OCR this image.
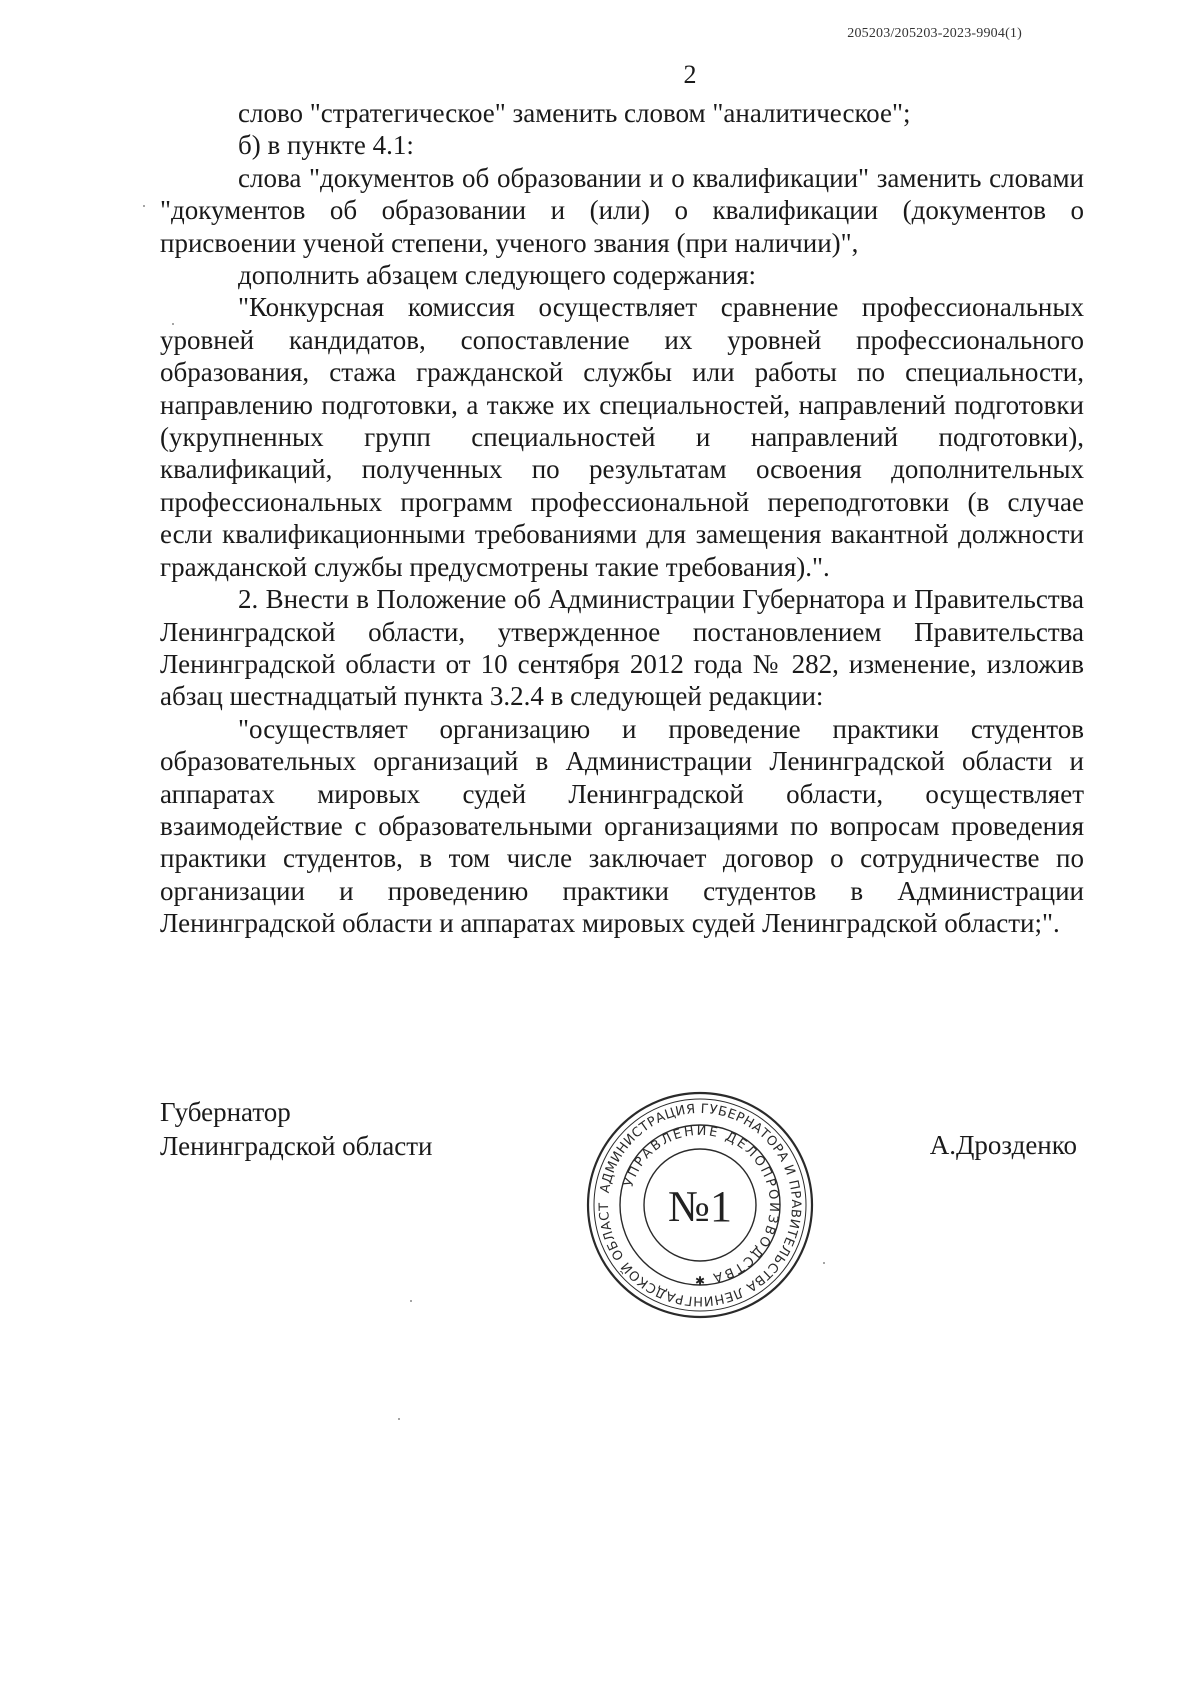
205203/205203-2023-9904(1)
2

слово "стратегическое" заменить словом "аналитическое";

б) в пункте 4.1:

слова "документов об образовании и о квалификации" заменить словами "документов об образовании и (или) о квалификации (документов о присвоении ученой степени, ученого звания (при наличии)",

дополнить абзацем следующего содержания:

"Конкурсная комиссия осуществляет сравнение профессиональных уровней кандидатов, сопоставление их уровней профессионального образования, стажа гражданской службы или работы по специальности, направлению подготовки, а также их специальностей, направлений подготовки (укрупненных групп специальностей и направлений подготовки), квалификаций, полученных по результатам освоения дополнительных профессиональных программ профессиональной переподготовки (в случае если квалификационными требованиями для замещения вакантной должности гражданской службы предусмотрены такие требования).".

2. Внести в Положение об Администрации Губернатора и Правительства Ленинградской области, утвержденное постановлением Правительства Ленинградской области от 10 сентября 2012 года № 282, изменение, изложив абзац шестнадцатый пункта 3.2.4 в следующей редакции:

"осуществляет организацию и проведение практики студентов образовательных организаций в Администрации Ленинградской области и аппаратах мировых судей Ленинградской области, осуществляет взаимодействие с образовательными организациями по вопросам проведения практики студентов, в том числе заключает договор о сотрудничестве по организации и проведению практики студентов в Администрации Ленинградской области и аппаратах мировых судей Ленинградской области;".

Губернатор
Ленинградской области
АДМИНИСТРАЦИЯ ГУБЕРНАТОРА И ПРАВИТЕЛЬСТВА ЛЕНИНГРАДСКОЙ ОБЛАСТ
УПРАВЛЕНИЕ ДЕЛОПРОИЗВОДСТВА
№1
✱
А.Дрозденко
